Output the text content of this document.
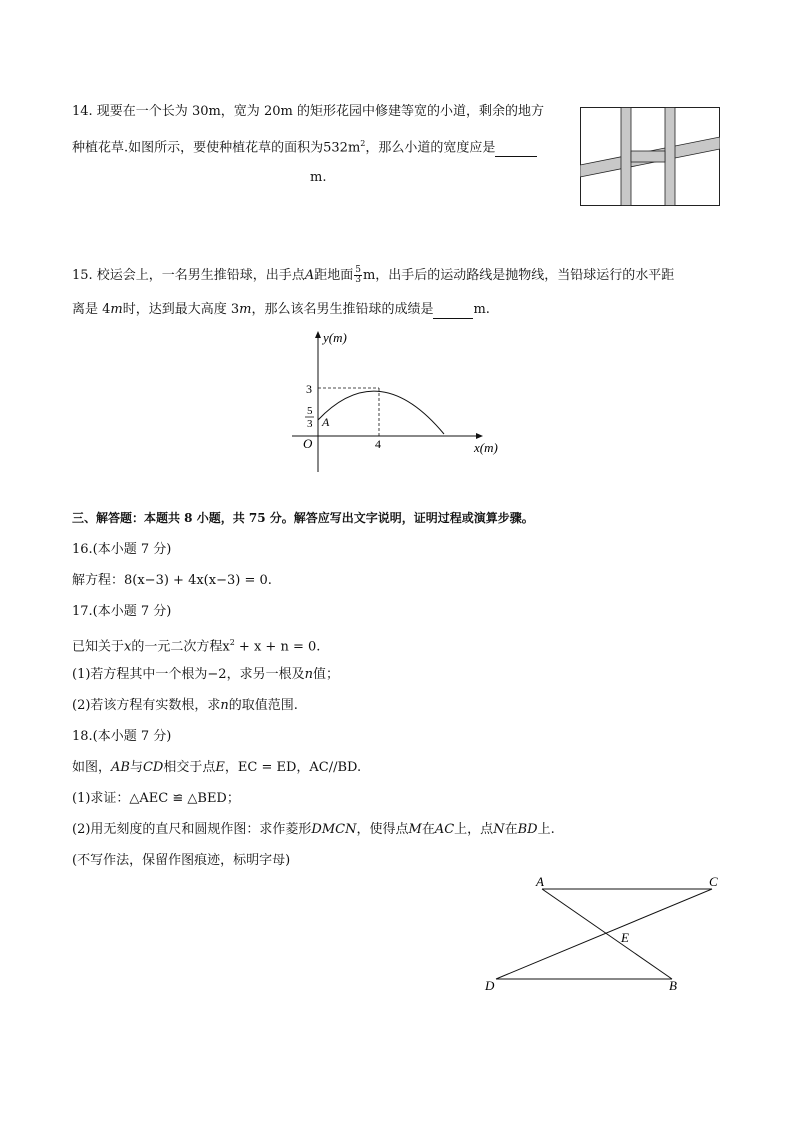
14. 现要在一个长为 30m，宽为 20m 的矩形花园中修建等宽的小道，剩余的地方
种植花草.如图所示，要使种植花草的面积为$532m^2$，那么小道的宽度应是
m.
15. 校运会上，一名男生推铅球，出手点A距地面 $\frac{5}{3}$ m，出手后的运动路线是抛物线，当铅球运行的水平距
离是 4m时，达到最大高度 3m，那么该名男生推铅球的成绩是	m.
y(m)
x(m)
O
A
3
5
3
4
三、解答题：本题共 8 小题，共 75 分。解答应写出文字说明，证明过程或演算步骤。
16.(本小题 7 分)
解方程：8(x−3) + 4x(x−3) = 0.
17.(本小题 7 分)
已知关于x的一元二次方程$x^2 + x + n = 0$.
(1)若方程其中一个根为−2，求另一根及n值；
(2)若该方程有实数根，求n的取值范围.
18.(本小题 7 分)
如图，AB与CD相交于点E，EC = ED，AC//BD.
(1)求证：△AEC ≌ △BED；
(2)用无刻度的直尺和圆规作图：求作菱形DMCN，使得点M在AC上，点N在BD上.
(不写作法，保留作图痕迹，标明字母)
A	C
E
D	B
